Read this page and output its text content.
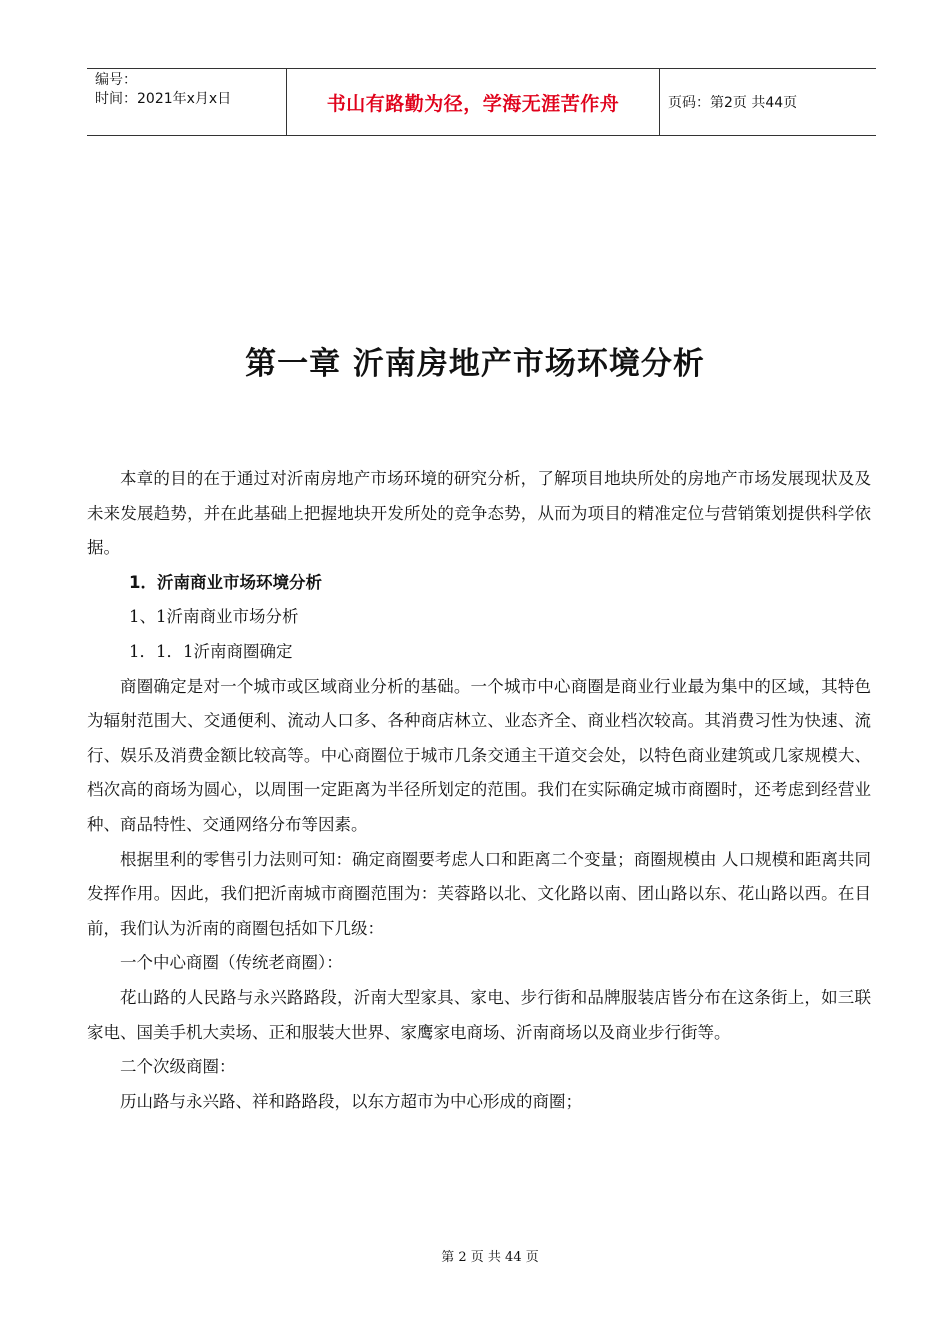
编号：
时间：2021年x月x日	书山有路勤为径，学海无涯苦作舟	页码：第2页 共44页
第一章 沂南房地产市场环境分析

本章的目的在于通过对沂南房地产市场环境的研究分析，了解项目地块所处的房地产市场发展现状及及未来发展趋势，并在此基础上把握地块开发所处的竞争态势，从而为项目的精准定位与营销策划提供科学依据。

1．沂南商业市场环境分析

1、1沂南商业市场分析

1．1．1沂南商圈确定

商圈确定是对一个城市或区域商业分析的基础。一个城市中心商圈是商业行业最为集中的区域，其特色为辐射范围大、交通便利、流动人口多、各种商店林立、业态齐全、商业档次较高。其消费习性为快速、流行、娱乐及消费金额比较高等。中心商圈位于城市几条交通主干道交会处，以特色商业建筑或几家规模大、档次高的商场为圆心，以周围一定距离为半径所划定的范围。我们在实际确定城市商圈时，还考虑到经营业种、商品特性、交通网络分布等因素。

根据里利的零售引力法则可知：确定商圈要考虑人口和距离二个变量；商圈规模由 人口规模和距离共同发挥作用。因此，我们把沂南城市商圈范围为：芙蓉路以北、文化路以南、团山路以东、花山路以西。在目前，我们认为沂南的商圈包括如下几级：

一个中心商圈（传统老商圈）：

花山路的人民路与永兴路路段，沂南大型家具、家电、步行街和品牌服装店皆分布在这条街上，如三联家电、国美手机大卖场、正和服装大世界、家鹰家电商场、沂南商场以及商业步行街等。

二个次级商圈：

历山路与永兴路、祥和路路段，以东方超市为中心形成的商圈；

第 2 页 共 44 页
